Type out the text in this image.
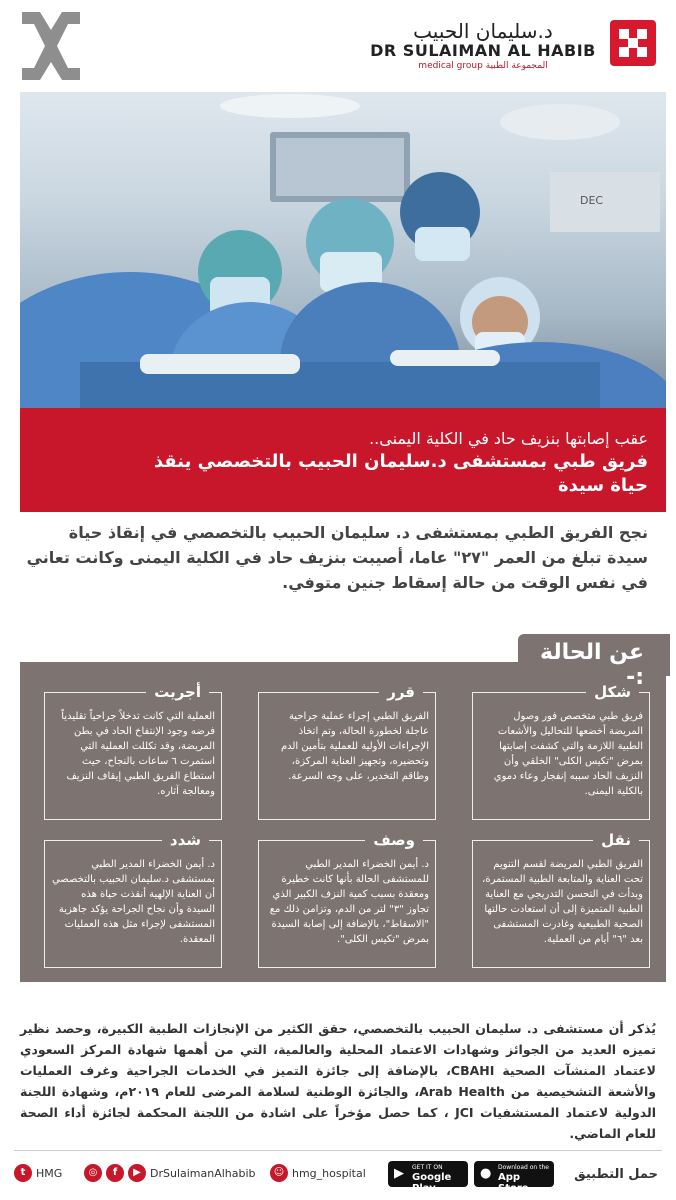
د.سليمان الحبيب
DR SULAIMAN AL HABIB
medical group المجموعة الطبية
DEC
عقب إصابتها بنزيف حاد في الكلية اليمنى..
فريق طبي بمستشفى د.سليمان الحبيب بالتخصصي ينقذ
حياة سيدة
نجح الفريق الطبي بمستشفى د. سليمان الحبيب بالتخصصي في إنقاذ حياة سيدة تبلغ من العمر "٢٧" عاما، أصيبت بنزيف حاد في الكلية اليمنى وكانت تعاني في نفس الوقت من حالة إسقاط جنين متوفي.
شكل
فريق طبي متخصص فور وصول المريضة أخضعها للتحاليل والأشعات الطبية اللازمة والتي كشفت إصابتها بمرض "تكيس الكلى" الخلقي وأن النزيف الحاد سببه إنفجار وعاء دموي بالكلية اليمنى.
قرر
الفريق الطبي إجراء عملية جراحية عاجلة لخطورة الحالة، وتم اتخاذ الإجراءات الأولية للعملية بتأمين الدم وتحضيره، وتجهيز العناية المركزة، وطاقم التخدير، على وجه السرعة.
أجريت
العملية التي كانت تدخلاً جراحياً تقليدياً فرضه وجود الإنتفاخ الحاد في بطن المريضة، وقد تكللت العملية التي استمرت ٦ ساعات بالنجاح، حيث استطاع الفريق الطبي إيقاف النزيف ومعالجة آثاره.
نقل
الفريق الطبي المريضة لقسم التنويم تحت العناية والمتابعة الطبية المستمرة، وبدأت في التحسن التدريجي مع العناية الطبية المتميزة إلى أن استعادت حالتها الصحية الطبيعية وغادرت المستشفى بعد "٦" أيام من العملية.
وصف
د. أيمن الخضراء المدير الطبي للمستشفى الحالة بأنها كانت خطيرة ومعقدة بسبب كمية النزف الكبير الذي تجاوز "٣" لتر من الدم، وتزامن ذلك مع "الاسقاط"، بالإضافة إلى إصابة السيدة بمرض "تكيس الكلى".
شدد
د. أيمن الخضراء المدير الطبي بمستشفى د.سليمان الحبيب بالتخصصي أن العناية الإلهية أنقذت حياة هذه السيدة وأن نجاح الجراحة يؤكد جاهزية المستشفى لإجراء مثل هذه العمليات المعقدة.
عن الحالة :-
يُذكر أن مستشفى د. سليمان الحبيب بالتخصصي، حقق الكثير من الإنجازات الطبية الكبيرة، وحصد نظير تميزه العديد من الجوائز وشهادات الاعتماد المحلية والعالمية، التي من أهمها شهادة المركز السعودي لاعتماد المنشآت الصحية CBAHI، بالإضافة إلى جائزة التميز في الخدمات الجراحية وغرف العمليات والأشعة التشخيصية من Arab Health، والجائزة الوطنية لسلامة المرضى للعام ٢٠١٩م، وشهادة اللجنة الدولية لاعتماد المستشفيات JCI ، كما حصل مؤخراً على اشادة من اللجنة المحكمة لجائزة أداء الصحة للعام الماضي.
t HMG	◎	f	▶ DrSulaimanAlhabib	☺ hmg_hospital ▶ GET IT ON
Google Play
● Download on the
App Store
حمل التطبيق
